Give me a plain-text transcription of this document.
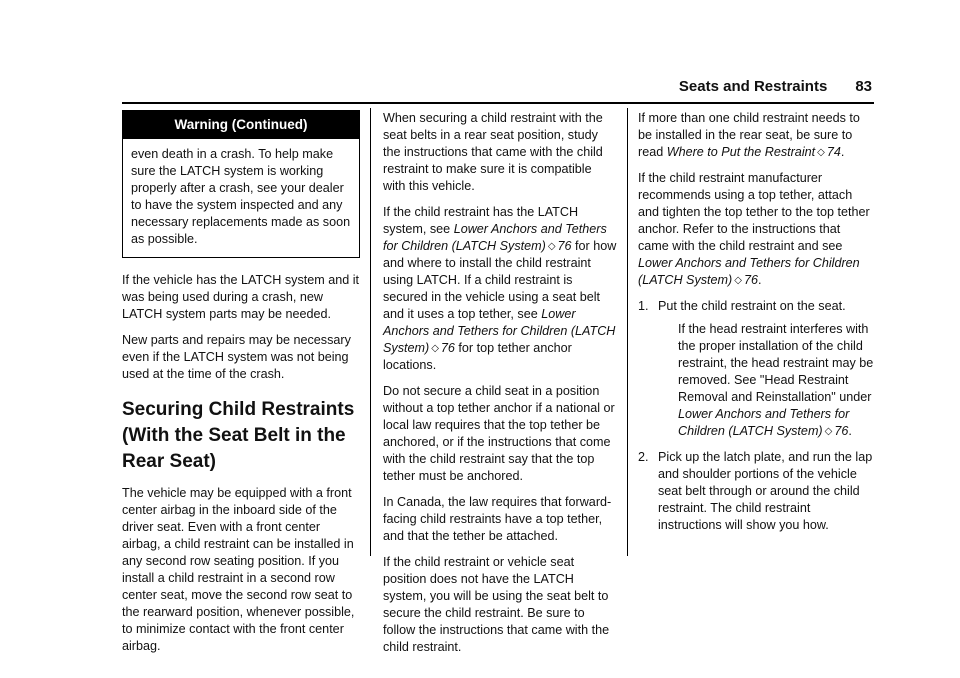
Seats and Restraints 83
Warning (Continued)
even death in a crash. To help make sure the LATCH system is working properly after a crash, see your dealer to have the system inspected and any necessary replacements made as soon as possible.

If the vehicle has the LATCH system and it was being used during a crash, new LATCH system parts may be needed.

New parts and repairs may be necessary even if the LATCH system was not being used at the time of the crash.

Securing Child Restraints (With the Seat Belt in the Rear Seat)

The vehicle may be equipped with a front center airbag in the inboard side of the driver seat. Even with a front center airbag, a child restraint can be installed in any second row seating position. If you install a child restraint in a second row center seat, move the second row seat to the rearward position, whenever possible, to minimize contact with the front center airbag.

When securing a child restraint with the seat belts in a rear seat position, study the instructions that came with the child restraint to make sure it is compatible with this vehicle.

If the child restraint has the LATCH system, see Lower Anchors and Tethers for Children (LATCH System) ◇ 76 for how and where to install the child restraint using LATCH. If a child restraint is secured in the vehicle using a seat belt and it uses a top tether, see Lower Anchors and Tethers for Children (LATCH System) ◇ 76 for top tether anchor locations.

Do not secure a child seat in a position without a top tether anchor if a national or local law requires that the top tether be anchored, or if the instructions that come with the child restraint say that the top tether must be anchored.

In Canada, the law requires that forward-facing child restraints have a top tether, and that the tether be attached.

If the child restraint or vehicle seat position does not have the LATCH system, you will be using the seat belt to secure the child restraint. Be sure to follow the instructions that came with the child restraint.

If more than one child restraint needs to be installed in the rear seat, be sure to read Where to Put the Restraint ◇ 74.

If the child restraint manufacturer recommends using a top tether, attach and tighten the top tether to the top tether anchor. Refer to the instructions that came with the child restraint and see Lower Anchors and Tethers for Children (LATCH System) ◇ 76.

1. Put the child restraint on the seat.
If the head restraint interferes with the proper installation of the child restraint, the head restraint may be removed. See "Head Restraint Removal and Reinstallation" under Lower Anchors and Tethers for Children (LATCH System) ◇ 76.
2. Pick up the latch plate, and run the lap and shoulder portions of the vehicle seat belt through or around the child restraint. The child restraint instructions will show you how.
